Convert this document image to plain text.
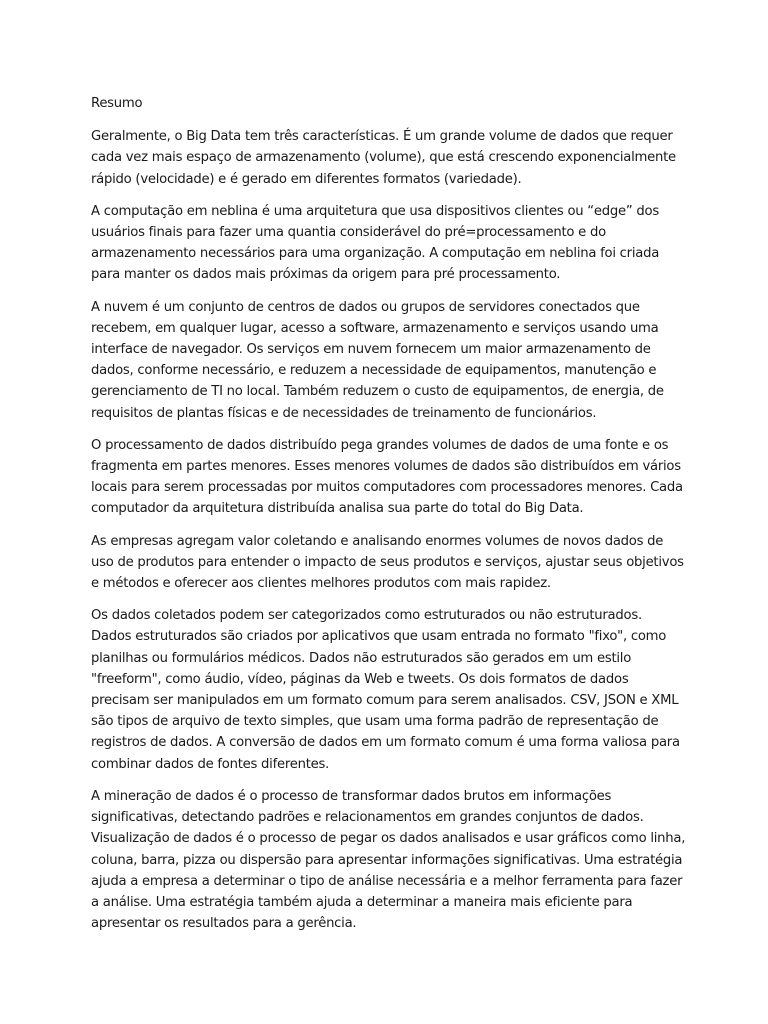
Resumo

Geralmente, o Big Data tem três características. É um grande volume de dados que requer cada vez mais espaço de armazenamento (volume), que está crescendo exponencialmente rápido (velocidade) e é gerado em diferentes formatos (variedade).

A computação em neblina é uma arquitetura que usa dispositivos clientes ou “edge” dos usuários finais para fazer uma quantia considerável do pré=processamento e do armazenamento necessários para uma organização. A computação em neblina foi criada para manter os dados mais próximas da origem para pré processamento.

A nuvem é um conjunto de centros de dados ou grupos de servidores conectados que recebem, em qualquer lugar, acesso a software, armazenamento e serviços usando uma interface de navegador. Os serviços em nuvem fornecem um maior armazenamento de dados, conforme necessário, e reduzem a necessidade de equipamentos, manutenção e gerenciamento de TI no local. Também reduzem o custo de equipamentos, de energia, de requisitos de plantas físicas e de necessidades de treinamento de funcionários.

O processamento de dados distribuído pega grandes volumes de dados de uma fonte e os fragmenta em partes menores. Esses menores volumes de dados são distribuídos em vários locais para serem processadas por muitos computadores com processadores menores. Cada computador da arquitetura distribuída analisa sua parte do total do Big Data.

As empresas agregam valor coletando e analisando enormes volumes de novos dados de uso de produtos para entender o impacto de seus produtos e serviços, ajustar seus objetivos e métodos e oferecer aos clientes melhores produtos com mais rapidez.

Os dados coletados podem ser categorizados como estruturados ou não estruturados. Dados estruturados são criados por aplicativos que usam entrada no formato "fixo", como planilhas ou formulários médicos. Dados não estruturados são gerados em um estilo "freeform", como áudio, vídeo, páginas da Web e tweets. Os dois formatos de dados precisam ser manipulados em um formato comum para serem analisados. CSV, JSON e XML são tipos de arquivo de texto simples, que usam uma forma padrão de representação de registros de dados. A conversão de dados em um formato comum é uma forma valiosa para combinar dados de fontes diferentes.

A mineração de dados é o processo de transformar dados brutos em informações significativas, detectando padrões e relacionamentos em grandes conjuntos de dados. Visualização de dados é o processo de pegar os dados analisados e usar gráficos como linha, coluna, barra, pizza ou dispersão para apresentar informações significativas. Uma estratégia ajuda a empresa a determinar o tipo de análise necessária e a melhor ferramenta para fazer a análise. Uma estratégia também ajuda a determinar a maneira mais eficiente para apresentar os resultados para a gerência.
